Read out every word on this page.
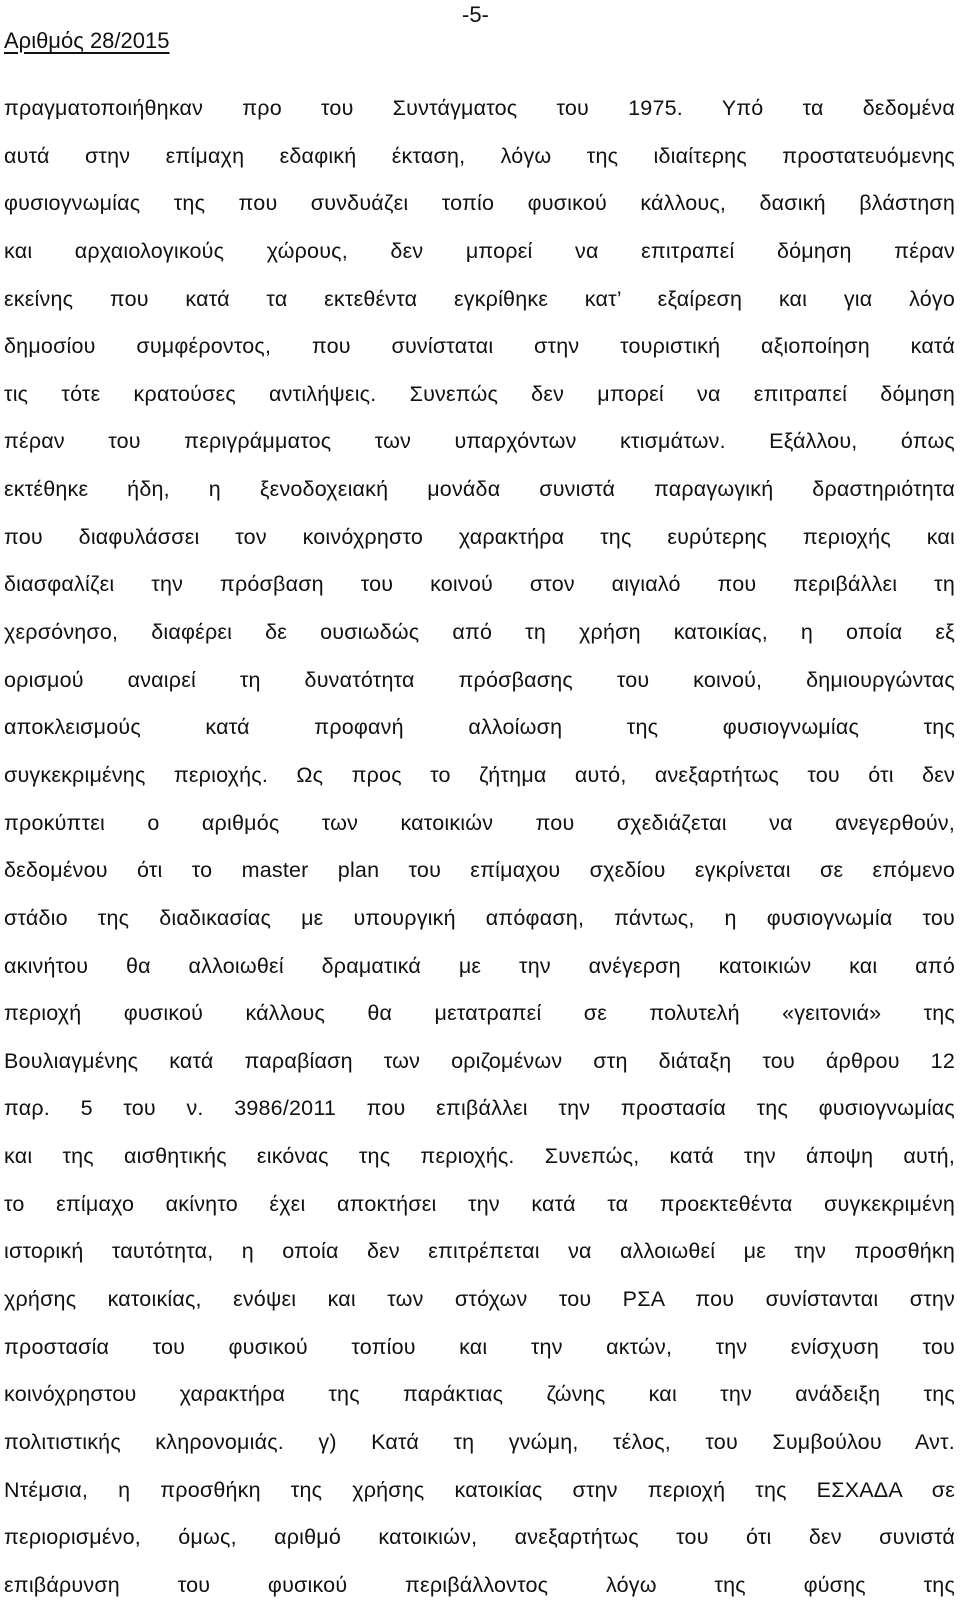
Αριθμός 28/2015
-5-
πραγματοποιήθηκαν προ του Συντάγματος του 1975. Υπό τα δεδομένα
αυτά στην επίμαχη εδαφική έκταση, λόγω της ιδιαίτερης προστατευόμενης
φυσιογνωμίας της που συνδυάζει τοπίο φυσικού κάλλους, δασική βλάστηση
και αρχαιολογικούς χώρους, δεν μπορεί να επιτραπεί δόμηση πέραν
εκείνης που κατά τα εκτεθέντα εγκρίθηκε κατ’ εξαίρεση και για λόγο
δημοσίου συμφέροντος, που συνίσταται στην τουριστική αξιοποίηση κατά
τις τότε κρατούσες αντιλήψεις. Συνεπώς δεν μπορεί να επιτραπεί δόμηση
πέραν του περιγράμματος των υπαρχόντων κτισμάτων. Εξάλλου, όπως
εκτέθηκε ήδη, η ξενοδοχειακή μονάδα συνιστά παραγωγική δραστηριότητα
που διαφυλάσσει τον κοινόχρηστο χαρακτήρα της ευρύτερης περιοχής και
διασφαλίζει την πρόσβαση του κοινού στον αιγιαλό που περιβάλλει τη
χερσόνησο, διαφέρει δε ουσιωδώς από τη χρήση κατοικίας, η οποία εξ
ορισμού αναιρεί τη δυνατότητα πρόσβασης του κοινού, δημιουργώντας
αποκλεισμούς κατά προφανή αλλοίωση της φυσιογνωμίας της
συγκεκριμένης περιοχής. Ως προς το ζήτημα αυτό, ανεξαρτήτως του ότι δεν
προκύπτει ο αριθμός των κατοικιών που σχεδιάζεται να ανεγερθούν,
δεδομένου ότι το master plan του επίμαχου σχεδίου εγκρίνεται σε επόμενο
στάδιο της διαδικασίας με υπουργική απόφαση, πάντως, η φυσιογνωμία του
ακινήτου θα αλλοιωθεί δραματικά με την ανέγερση κατοικιών και από
περιοχή φυσικού κάλλους θα μετατραπεί σε πολυτελή «γειτονιά» της
Βουλιαγμένης κατά παραβίαση των οριζομένων στη διάταξη του άρθρου 12
παρ. 5 του ν. 3986/2011 που επιβάλλει την προστασία της φυσιογνωμίας
και της αισθητικής εικόνας της περιοχής. Συνεπώς, κατά την άποψη αυτή,
το επίμαχο ακίνητο έχει αποκτήσει την κατά τα προεκτεθέντα συγκεκριμένη
ιστορική ταυτότητα, η οποία δεν επιτρέπεται να αλλοιωθεί με την προσθήκη
χρήσης κατοικίας, ενόψει και των στόχων του ΡΣΑ που συνίστανται στην
προστασία του φυσικού τοπίου και την ακτών, την ενίσχυση του
κοινόχρηστου χαρακτήρα της παράκτιας ζώνης και την ανάδειξη της
πολιτιστικής κληρονομιάς. γ) Κατά τη γνώμη, τέλος, του Συμβούλου Αντ.
Ντέμσια, η προσθήκη της χρήσης κατοικίας στην περιοχή της ΕΣΧΑΔΑ σε
περιορισμένο, όμως, αριθμό κατοικιών, ανεξαρτήτως του ότι δεν συνιστά
επιβάρυνση του φυσικού περιβάλλοντος λόγω της φύσης της
